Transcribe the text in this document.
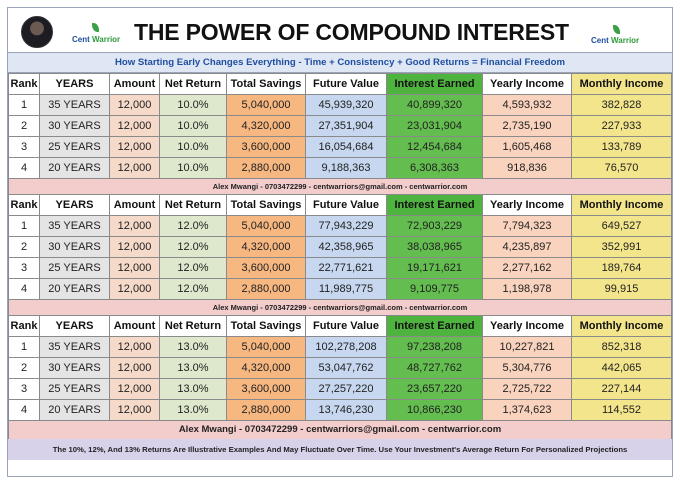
Cent Warrior THE POWER OF COMPOUND INTEREST	Cent Warrior
How Starting Early Changes Everything - Time + Consistency + Good Returns = Financial Freedom
Rank	YEARS	Amount	Net Return	Total Savings	Future Value	Interest Earned	Yearly Income	Monthly Income
1	35 YEARS	12,000	10.0%	5,040,000	45,939,320	40,899,320	4,593,932	382,828
2	30 YEARS	12,000	10.0%	4,320,000	27,351,904	23,031,904	2,735,190	227,933
3	25 YEARS	12,000	10.0%	3,600,000	16,054,684	12,454,684	1,605,468	133,789
4	20 YEARS	12,000	10.0%	2,880,000	9,188,363	6,308,363	918,836	76,570
Alex Mwangi - 0703472299 - centwarriors@gmail.com - centwarrior.com
Rank	YEARS	Amount	Net Return	Total Savings	Future Value	Interest Earned	Yearly Income	Monthly Income
1	35 YEARS	12,000	12.0%	5,040,000	77,943,229	72,903,229	7,794,323	649,527
2	30 YEARS	12,000	12.0%	4,320,000	42,358,965	38,038,965	4,235,897	352,991
3	25 YEARS	12,000	12.0%	3,600,000	22,771,621	19,171,621	2,277,162	189,764
4	20 YEARS	12,000	12.0%	2,880,000	11,989,775	9,109,775	1,198,978	99,915
Alex Mwangi - 0703472299 - centwarriors@gmail.com - centwarrior.com
Rank	YEARS	Amount	Net Return	Total Savings	Future Value	Interest Earned	Yearly Income	Monthly Income
1	35 YEARS	12,000	13.0%	5,040,000	102,278,208	97,238,208	10,227,821	852,318
2	30 YEARS	12,000	13.0%	4,320,000	53,047,762	48,727,762	5,304,776	442,065
3	25 YEARS	12,000	13.0%	3,600,000	27,257,220	23,657,220	2,725,722	227,144
4	20 YEARS	12,000	13.0%	2,880,000	13,746,230	10,866,230	1,374,623	114,552
Alex Mwangi - 0703472299 - centwarriors@gmail.com - centwarrior.com
The 10%, 12%, And 13% Returns Are Illustrative Examples And May Fluctuate Over Time. Use Your Investment's Average Return For Personalized Projections
